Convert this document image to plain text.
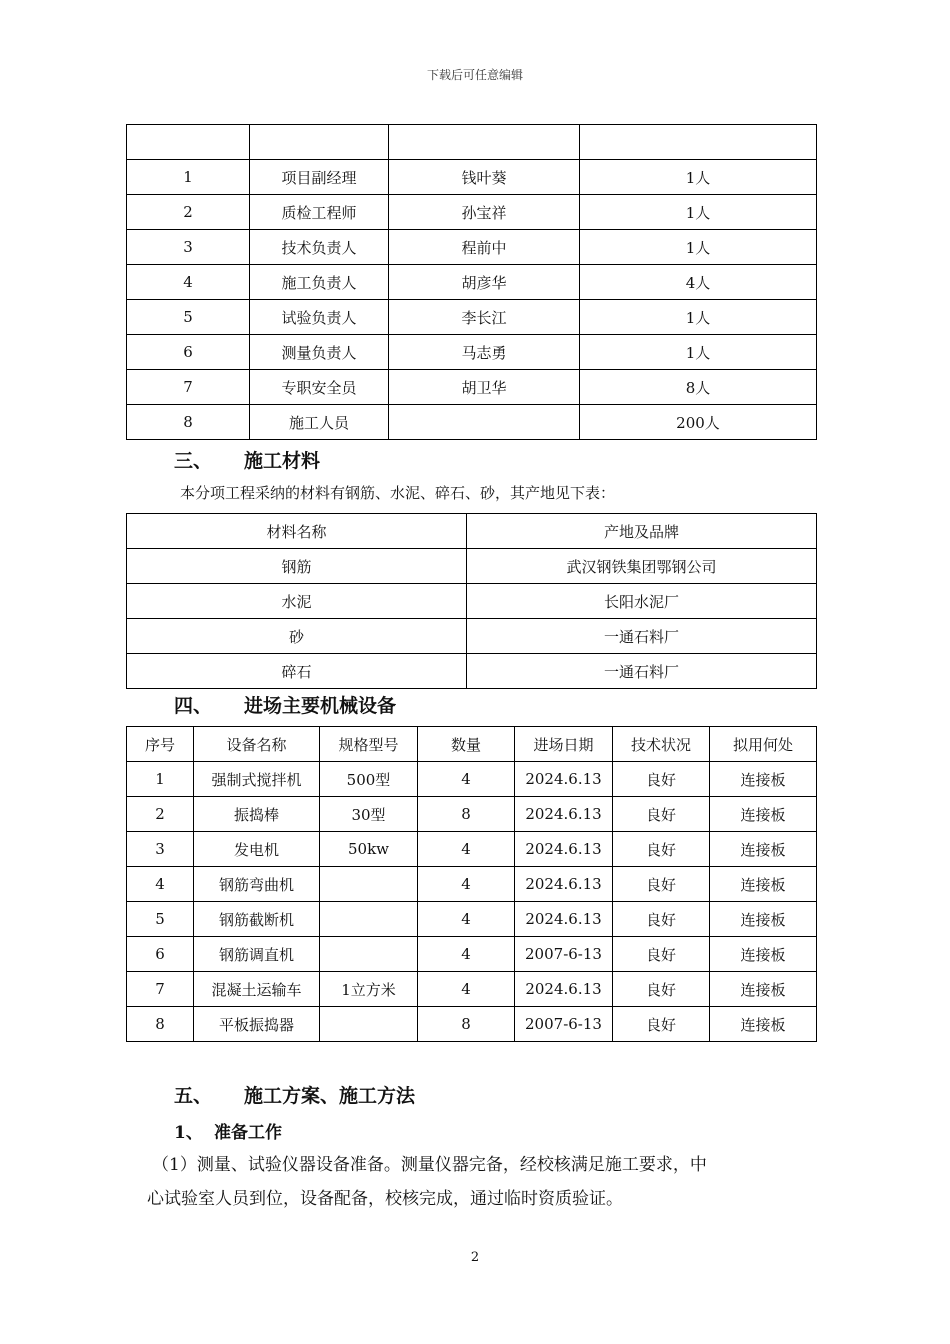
下载后可任意编辑

1	项目副经理	钱叶葵	1人
2	质检工程师	孙宝祥	1人
3	技术负责人	程前中	1人
4	施工负责人	胡彦华	4人
5	试验负责人	李长江	1人
6	测量负责人	马志勇	1人
7	专职安全员	胡卫华	8人
8	施工人员		200人
三、 施工材料
本分项工程采纳的材料有钢筋、水泥、碎石、砂，其产地见下表：
材料名称	产地及品牌
钢筋	武汉钢铁集团鄂钢公司
水泥	长阳水泥厂
砂	一通石料厂
碎石	一通石料厂
四、 进场主要机械设备
序号	设备名称	规格型号	数量	进场日期	技术状况	拟用何处
1	强制式搅拌机	500型	4	2024.6.13	良好	连接板
2	振捣棒	30型	8	2024.6.13	良好	连接板
3	发电机	50kw	4	2024.6.13	良好	连接板
4	钢筋弯曲机		4	2024.6.13	良好	连接板
5	钢筋截断机		4	2024.6.13	良好	连接板
6	钢筋调直机		4	2007-6-13	良好	连接板
7	混凝土运输车	1立方米	4	2024.6.13	良好	连接板
8	平板振捣器		8	2007-6-13	良好	连接板
五、 施工方案、施工方法
1、 准备工作
（1）测量、试验仪器设备准备。测量仪器完备，经校核满足施工要求，中
心试验室人员到位，设备配备，校核完成，通过临时资质验证。
2
